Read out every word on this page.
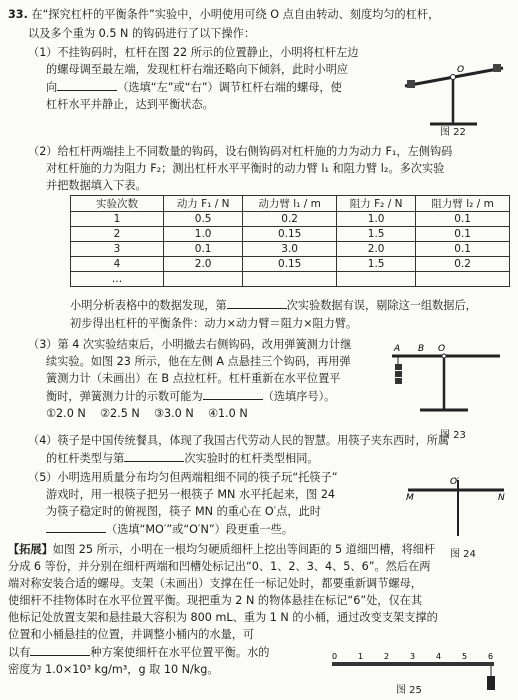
33. 在“探究杠杆的平衡条件”实验中，小明使用可绕 O 点自由转动、刻度均匀的杠杆，
以及多个重为 0.5 N 的钩码进行了以下操作：
（1）不挂钩码时，杠杆在图 22 所示的位置静止，小明将杠杆左边
的螺母调至最左端，发现杠杆右端还略向下倾斜，此时小明应
向	（选填“左”或“右”）调节杠杆右端的螺母，使
杠杆水平并静止，达到平衡状态。
O
图 22
（2）给杠杆两端挂上不同数量的钩码，设右侧钩码对杠杆施的力为动力 F₁，左侧钩码
对杠杆施的力为阻力 F₂；测出杠杆水平平衡时的动力臂 l₁ 和阻力臂 l₂。多次实验
并把数据填入下表。
实验次数	动力 F₁ / N	动力臂 l₁ / m	阻力 F₂ / N	阻力臂 l₂ / m
1	0.5	0.2	1.0	0.1
2	1.0	0.15	1.5	0.1
3	0.1	3.0	2.0	0.1
4	2.0	0.15	1.5	0.2
…				
小明分析表格中的数据发现，第	次实验数据有误，剔除这一组数据后，
初步得出杠杆的平衡条件：动力×动力臂＝阻力×阻力臂。
（3）第 4 次实验结束后，小明撤去右侧钩码，改用弹簧测力计继
续实验。如图 23 所示，他在左侧 A 点悬挂三个钩码，再用弹
簧测力计（未画出）在 B 点拉杠杆。杠杆重新在水平位置平
衡时，弹簧测力计的示数可能为	（选填序号）。
①2.0 N ②2.5 N ③3.0 N ④1.0 N
A B O
图 23
（4）筷子是中国传统餐具，体现了我国古代劳动人民的智慧。用筷子夹东西时，所属
的杠杆类型与第	次实验时的杠杆类型相同。
（5）小明选用质量分布均匀但两端粗细不同的筷子玩“托筷子”
游戏时，用一根筷子把另一根筷子 MN 水平托起来，图 24
为筷子稳定时的俯视图，筷子 MN 的重心在 O′点，此时
（选填“MO′”或“O′N”）段更重一些。
O′
M	N
图 24
【拓展】如图 25 所示，小明在一根均匀硬质细杆上挖出等间距的 5 道细凹槽，将细杆
分成 6 等份，并分别在细杆两端和凹槽处标记出“0、1、2、3、4、5、6”。然后在两
端对称安装合适的螺母。支架（未画出）支撑在任一标记处时，都要重新调节螺母，
使细杆不挂物体时在水平位置平衡。现把重为 2 N 的物体悬挂在标记“6”处，仅在其
他标记处放置支架和悬挂最大容积为 800 mL、重为 1 N 的小桶，通过改变支架支撑的
位置和小桶悬挂的位置，并调整小桶内的水量，可
以有	种方案使细杆在水平位置平衡。水的
密度为 1.0×10³ kg/m³，g 取 10 N/kg。
0	1	2	3	4	5	6
图 25
